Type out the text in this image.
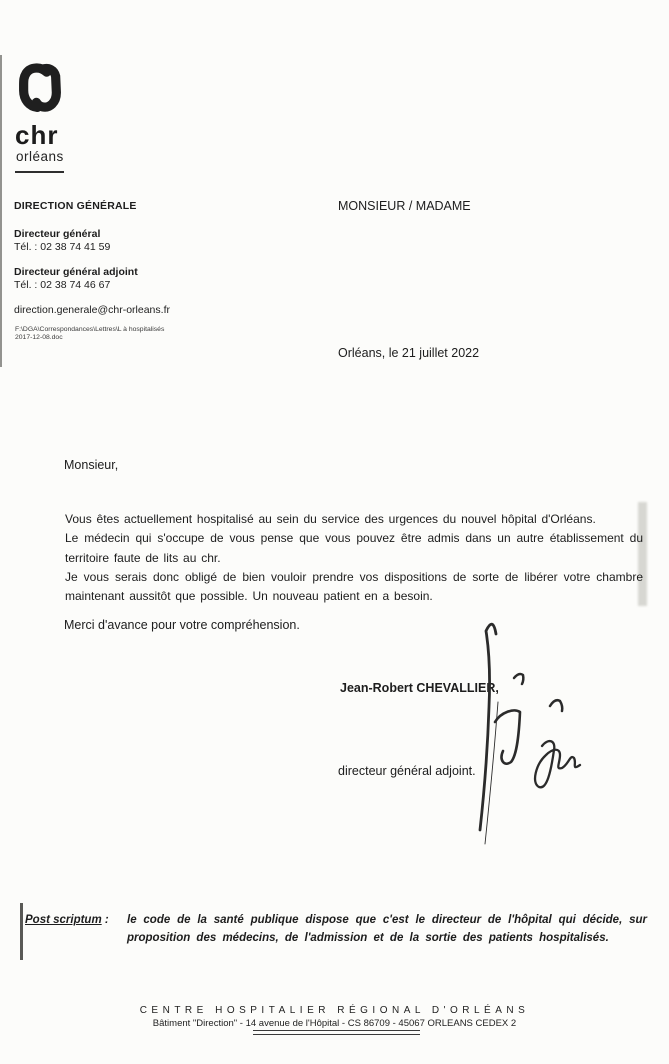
chr
orléans
DIRECTION GÉNÉRALE
Directeur général
Tél. : 02 38 74 41 59
Directeur général adjoint
Tél. : 02 38 74 46 67
direction.generale@chr-orleans.fr
F:\DGA\Correspondances\Lettres\L à hospitalisés
2017-12-08.doc
MONSIEUR / MADAME
Orléans, le 21 juillet 2022
Monsieur,
Vous êtes actuellement hospitalisé au sein du service des urgences du nouvel hôpital d'Orléans.
Le médecin qui s'occupe de vous pense que vous pouvez être admis dans un autre établissement du territoire faute de lits au chr.
Je vous serais donc obligé de bien vouloir prendre vos dispositions de sorte de libérer votre chambre maintenant aussitôt que possible. Un nouveau patient en a besoin.
Merci d'avance pour votre compréhension.
Jean-Robert CHEVALLIER,
directeur général adjoint.
Post scriptum :	le code de la santé publique dispose que c'est le directeur de l'hôpital qui décide, sur proposition des médecins, de l'admission et de la sortie des patients hospitalisés.
CENTRE HOSPITALIER RÉGIONAL D'ORLÉANS
Bâtiment "Direction" - 14 avenue de l'Hôpital - CS 86709 - 45067 ORLEANS CEDEX 2
